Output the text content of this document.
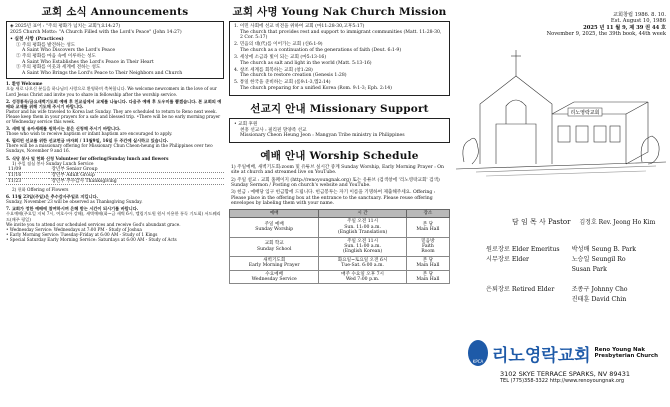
교회 소식 Announcements
◈ 2025년 표어 : "주의 평화가 넘치는 교회"(요14:27)
2025 Church Motto: "A Church Filled with the Lord's Peace" (John 14:27)
• 실천 사항 (Practices)
① 주의 평화를 발견하는 성도
A Saint Who Discovers the Lord's Peace
② 주의 평화를 마음 속에 이루하는 성도
A Saint Who Establishes the Lord's Peace in Their Heart
③ 주의 평화를 이웃과 세계에 전하는 성도
A Saint Who Brings the Lord's Peace to Their Neighbors and Church
1. 환영 Welcome
오늘 새로 나오신 분들을 하나님의 사랑으로 환영하며 축복합니다. We welcome newcomers in the love of our Lord Jesus Christ and invite you to share in fellowship after the worship service.
2. 성경통독/금요새벽기도회 예배 후 친교실에서 교제를 나눕니다. 다음주 예배 후 도우미를 뽑겠습니다. 본 교회의 예배와 교제를 위해 기도해 주시기 바랍니다.
Pastor and his wife traveled to Korea last Sunday. They are scheduled to return to Reno next week. Please keep them in your prayers for a safe and blessed trip. •There will be no early morning prayer or Wednesday service this week.
3. 새해 및 유아세례를 원하시는 분은 신청해 주시기 바랍니다.
Those who wish to receive baptism or infant baptism are encouraged to apply.
4. 필리핀 선교를 위한 선교헌금 바자회 / 11월9일, 16일 두 주간에 실시하고 있습니다.
There will be a missionary offering for Missionary Chun Cheon-heung in the Philippines over two Sundays, November 9 and 16.
5. 식당 봉사 및 헌화 신청 Volunteer for offering/Sunday lunch and flowers
1) 주일 점심 봉사 Sunday Lunch Service
11/09	장년부 Senior Group
11/16	장년부 Adult Group
11/23	장년부 추수감사 Thanksgiving
2) 헌화 Offering of Flowers
6. 11월 23일(주일)은 추수감사주일로 지킵니다.
Sunday, November 23 will be observed as Thanksgiving Sunday.
7. 교회가 정한 예배에 참여하시며 은혜 받는 시간이 되시기를 바랍니다.
수요예배(주요일 저녁 7시, 여호수아 강해), 새벽예배(화~금 새벽 6시, 엘림기도원 원서 이용한 통독 기도회) 서드웨리드(매주 평일)
We invite you to attend our scheduled services and receive God's abundant grace.
• Wednesday Service: Wednesdays at 7:00 PM - Study of Joshua
• Early Morning Service: Tuesday-Friday at 6:00 AM - Study of 1 Kings
• Special Saturday Early Morning Service: Saturdays at 6:00 AM - Study of Acts
교회 사명 Young Nak Church Mission
1. 이민 사회에 선교 비전을 위하여 교회 (마11:28-30,고후5:17)
The church that provides rest and support to immigrant communities (Matt. 11:28-30, 2 Cor. 5:17)
2. 민음의 대(代)를 이어가는 교회 (신6:1-9)
The church as a continuation of the generations of faith (Deut. 6:1-9)
3. 세상에 소금과 빛이 되는 교회 (마5:13-16)
The church as salt and light in the world (Matt. 5:13-16)
4. 창조 세계를 회복하는 교회 (창1:28)
The church to restore creation (Genesis 1:28)
5. 통일 한국을 준비하는 교회 (롬9:1-3,엡2:14)
The church preparing for a unified Korea (Rom. 9:1-3; Eph. 2:14)
선교지 안내 Missionary Support
• 교회 후원
천흥 선교사 : 필리핀 망양족 선교
Missionary Cheon Heung Jeon : Mangyan Tribe ministry in Philippines
예배 안내 Worship Schedule
1) 주일예배, 새벽기도회:zoom 및 유튜브 실시간 중계 Sunday Worship, Early Morning Prayer : On site at church and streamed live on YouTube.
2) 주일 설교 : 교회 홈페이지 (http://renoyoungnak.org) 또는 유튜브 (검색창에 '리노영락교회' 검색) Sunday Sermon / Posting on church's website and YouTube.
3) 헌금 : 예배당 입구 헌금함에 드립니다. 헌금봉투는 자기 이름을 기명하여 제출해주세요. Offering : Please place in the offering box at the entrance to the sanctuary. Please reuse offering envelopes by labeling them with your name.
예배	시 간	장소
주일 예배
Sunday Worship	주일 오전 11시
Sun. 11:00 a.m.
(English Translation)	본 당
Main Hall
교회 학교
Sunday School	주일 오전 11시
Sun. 11:00 a.m.
(English Korean)	믿음방
Faith
Room
새벽기도회
Early Morning Prayer	화요일~토요일 오전 6시
Tue-Sat. 6:00 a.m.	본 당
Main Hall
수요예배
Wednesday Service	매주 수요일 오후 7시
Wed 7:00 p.m.	본 당
Main Hall
교회창립 1986. 8. 10.
Est. August 10, 1986
2025 년 11 월 9, 제 39 권 44 호
November 9, 2025, the 39th book, 44th week
리노영락교회
담 임 목 사 Pastor 김정호 Rev. Jeong Ho Kim
원로장로 Elder Emeritus	박성배 Seung B. Park
시무장로 Elder	노승일 Seungil Ro
	Susan Park
은퇴장로 Retired Elder	조종구 Johnny Cho
	진태훈 David Chin
KPCA 리노영락교회 Reno Young Nak
Presbyterian Church
3102 SKYE TERRACE SPARKS, NV 89431
TEL (775)358-3322 http://www.renoyoungnak.org
